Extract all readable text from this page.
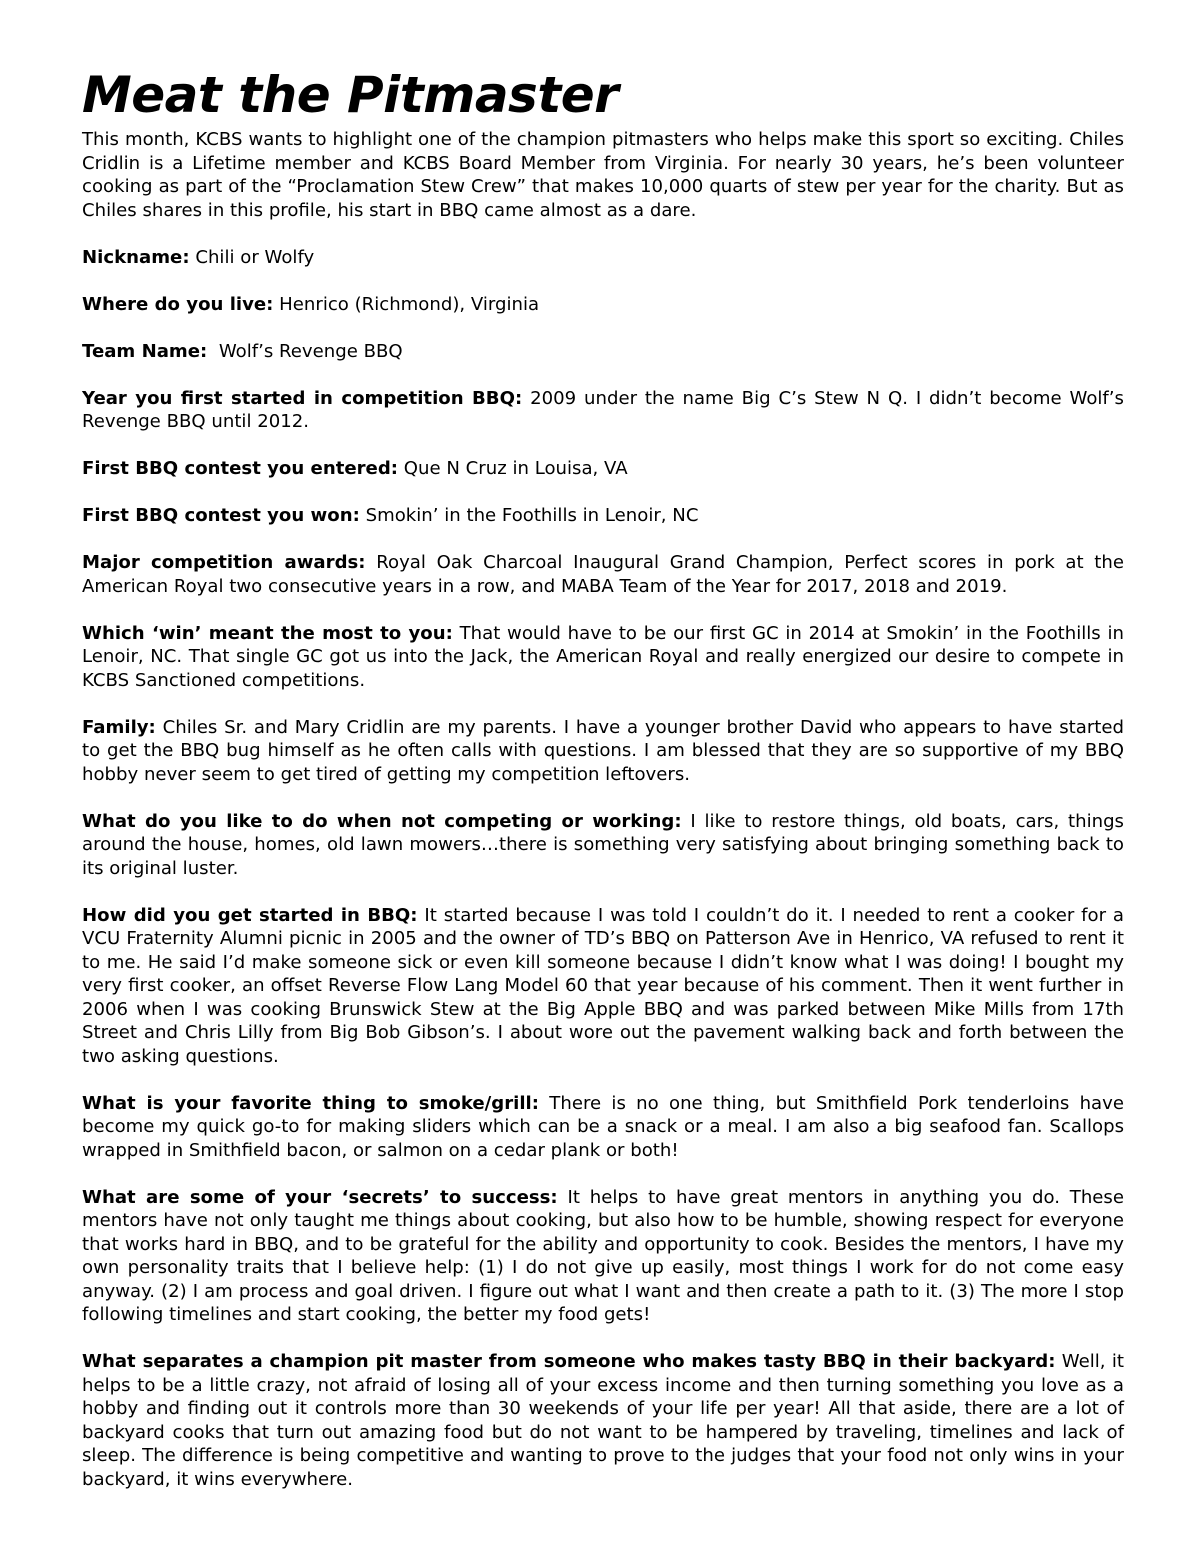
Meat the Pitmaster

This month, KCBS wants to highlight one of the champion pitmasters who helps make this sport so exciting. Chiles Cridlin is a Lifetime member and KCBS Board Member from Virginia. For nearly 30 years, he’s been volunteer cooking as part of the “Proclamation Stew Crew” that makes 10,000 quarts of stew per year for the charity. But as Chiles shares in this profile, his start in BBQ came almost as a dare.

Nickname: Chili or Wolfy

Where do you live: Henrico (Richmond), Virginia

Team Name:  Wolf’s Revenge BBQ

Year you first started in competition BBQ: 2009 under the name Big C’s Stew N Q. I didn’t become Wolf’s Revenge BBQ until 2012.

First BBQ contest you entered: Que N Cruz in Louisa, VA

First BBQ contest you won: Smokin’ in the Foothills in Lenoir, NC

Major competition awards: Royal Oak Charcoal Inaugural Grand Champion, Perfect scores in pork at the American Royal two consecutive years in a row, and MABA Team of the Year for 2017, 2018 and 2019.

Which ‘win’ meant the most to you: That would have to be our first GC in 2014 at Smokin’ in the Foothills in Lenoir, NC. That single GC got us into the Jack, the American Royal and really energized our desire to compete in KCBS Sanctioned competitions.

Family: Chiles Sr. and Mary Cridlin are my parents. I have a younger brother David who appears to have started to get the BBQ bug himself as he often calls with questions. I am blessed that they are so supportive of my BBQ hobby never seem to get tired of getting my competition leftovers.

What do you like to do when not competing or working: I like to restore things, old boats, cars, things around the house, homes, old lawn mowers…there is something very satisfying about bringing something back to its original luster.

How did you get started in BBQ: It started because I was told I couldn’t do it. I needed to rent a cooker for a VCU Fraternity Alumni picnic in 2005 and the owner of TD’s BBQ on Patterson Ave in Henrico, VA refused to rent it to me. He said I’d make someone sick or even kill someone because I didn’t know what I was doing! I bought my very first cooker, an offset Reverse Flow Lang Model 60 that year because of his comment. Then it went further in 2006 when I was cooking Brunswick Stew at the Big Apple BBQ and was parked between Mike Mills from 17th Street and Chris Lilly from Big Bob Gibson’s. I about wore out the pavement walking back and forth between the two asking questions.

What is your favorite thing to smoke/grill: There is no one thing, but Smithfield Pork tenderloins have become my quick go-to for making sliders which can be a snack or a meal. I am also a big seafood fan. Scallops wrapped in Smithfield bacon, or salmon on a cedar plank or both!

What are some of your ‘secrets’ to success: It helps to have great mentors in anything you do. These mentors have not only taught me things about cooking, but also how to be humble, showing respect for everyone that works hard in BBQ, and to be grateful for the ability and opportunity to cook. Besides the mentors, I have my own personality traits that I believe help: (1) I do not give up easily, most things I work for do not come easy anyway. (2) I am process and goal driven. I figure out what I want and then create a path to it. (3) The more I stop following timelines and start cooking, the better my food gets!

What separates a champion pit master from someone who makes tasty BBQ in their backyard: Well, it helps to be a little crazy, not afraid of losing all of your excess income and then turning something you love as a hobby and finding out it controls more than 30 weekends of your life per year! All that aside, there are a lot of backyard cooks that turn out amazing food but do not want to be hampered by traveling, timelines and lack of sleep. The difference is being competitive and wanting to prove to the judges that your food not only wins in your backyard, it wins everywhere.
